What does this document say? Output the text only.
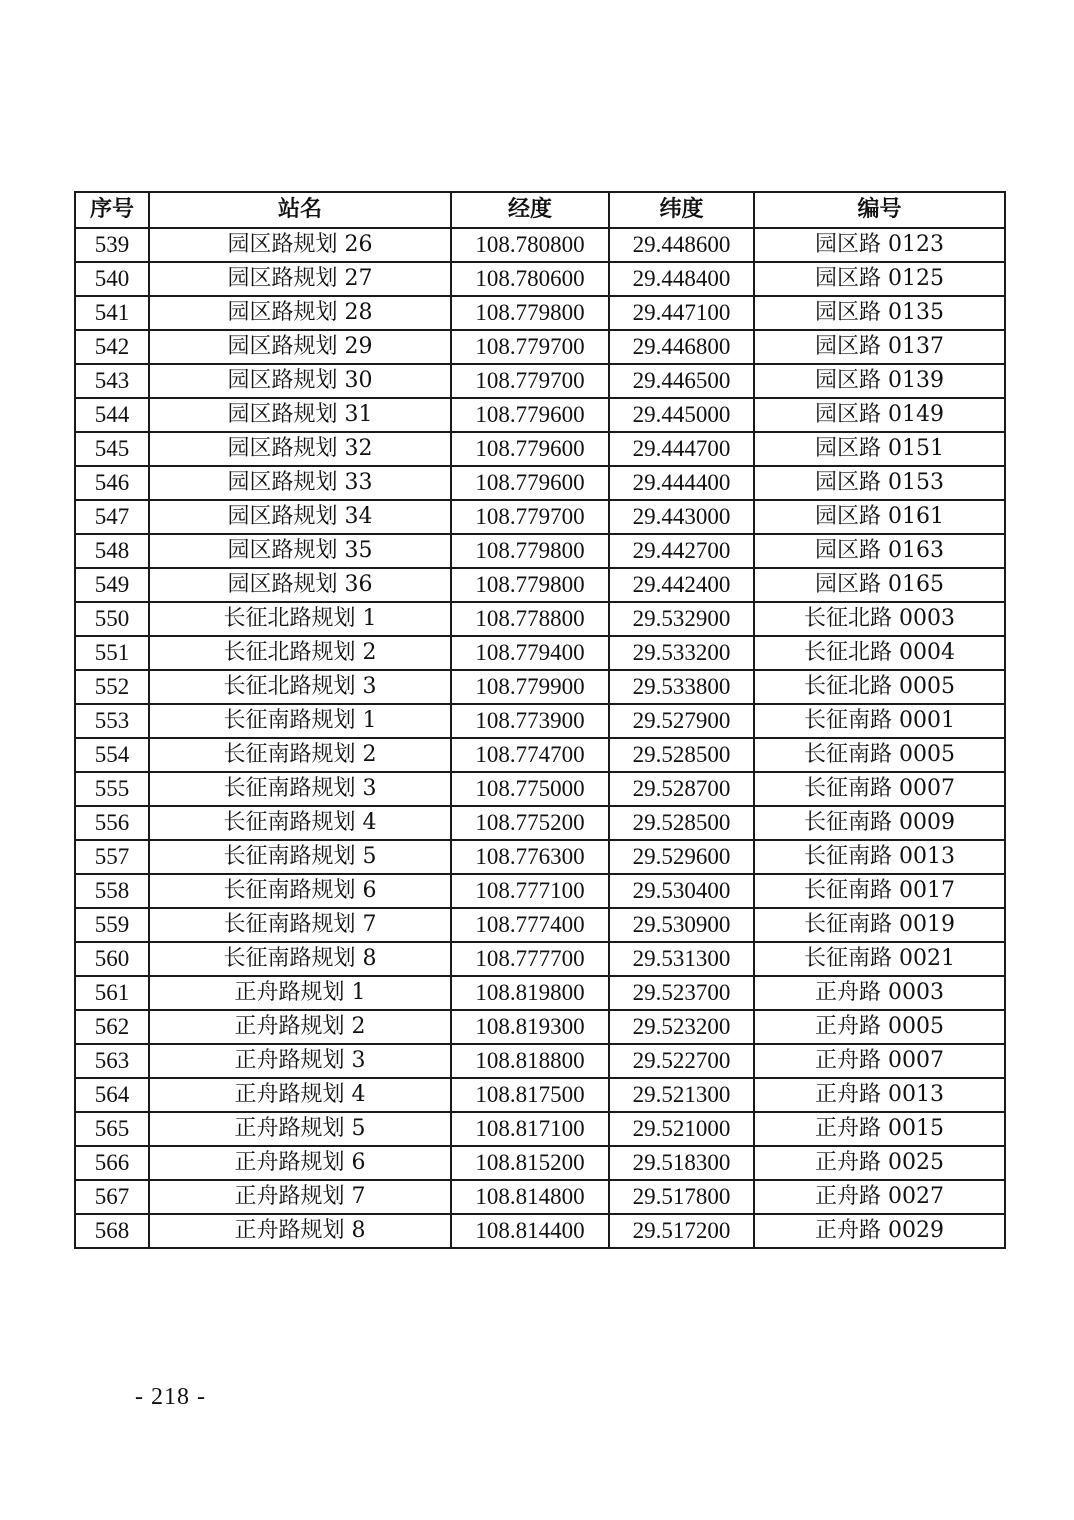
序号	站名	经度	纬度	编号
539	园区路规划 26	108.780800	29.448600	园区路 0123
540	园区路规划 27	108.780600	29.448400	园区路 0125
541	园区路规划 28	108.779800	29.447100	园区路 0135
542	园区路规划 29	108.779700	29.446800	园区路 0137
543	园区路规划 30	108.779700	29.446500	园区路 0139
544	园区路规划 31	108.779600	29.445000	园区路 0149
545	园区路规划 32	108.779600	29.444700	园区路 0151
546	园区路规划 33	108.779600	29.444400	园区路 0153
547	园区路规划 34	108.779700	29.443000	园区路 0161
548	园区路规划 35	108.779800	29.442700	园区路 0163
549	园区路规划 36	108.779800	29.442400	园区路 0165
550	长征北路规划 1	108.778800	29.532900	长征北路 0003
551	长征北路规划 2	108.779400	29.533200	长征北路 0004
552	长征北路规划 3	108.779900	29.533800	长征北路 0005
553	长征南路规划 1	108.773900	29.527900	长征南路 0001
554	长征南路规划 2	108.774700	29.528500	长征南路 0005
555	长征南路规划 3	108.775000	29.528700	长征南路 0007
556	长征南路规划 4	108.775200	29.528500	长征南路 0009
557	长征南路规划 5	108.776300	29.529600	长征南路 0013
558	长征南路规划 6	108.777100	29.530400	长征南路 0017
559	长征南路规划 7	108.777400	29.530900	长征南路 0019
560	长征南路规划 8	108.777700	29.531300	长征南路 0021
561	正舟路规划 1	108.819800	29.523700	正舟路 0003
562	正舟路规划 2	108.819300	29.523200	正舟路 0005
563	正舟路规划 3	108.818800	29.522700	正舟路 0007
564	正舟路规划 4	108.817500	29.521300	正舟路 0013
565	正舟路规划 5	108.817100	29.521000	正舟路 0015
566	正舟路规划 6	108.815200	29.518300	正舟路 0025
567	正舟路规划 7	108.814800	29.517800	正舟路 0027
568	正舟路规划 8	108.814400	29.517200	正舟路 0029
- 218 -
